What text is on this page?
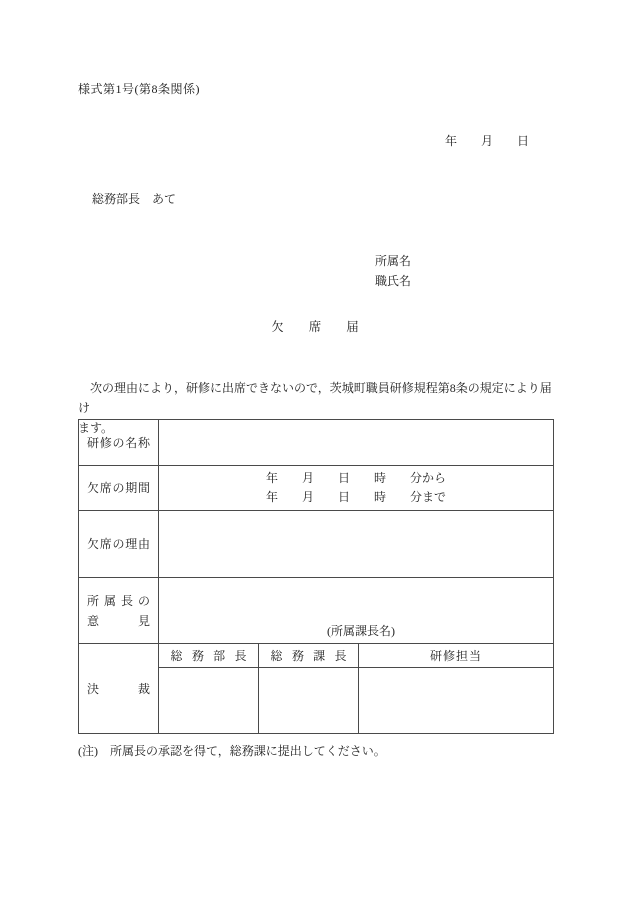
様式第1号(第8条関係)
年　　月　　日
総務部長　あて
所属名
職氏名
欠　　席　　届
　次の理由により，研修に出席できないので，茨城町職員研修規程第8条の規定により届け
ます。
研修の名称			

欠席の期間	年　　月　　日　　時　　分から
年　　月　　日　　時　　分まで		

欠席の理由			

所属長の
意見	(所属課長名)		

決裁	総務部長	総務課長	研修担当

(注)　所属長の承認を得て，総務課に提出してください。
